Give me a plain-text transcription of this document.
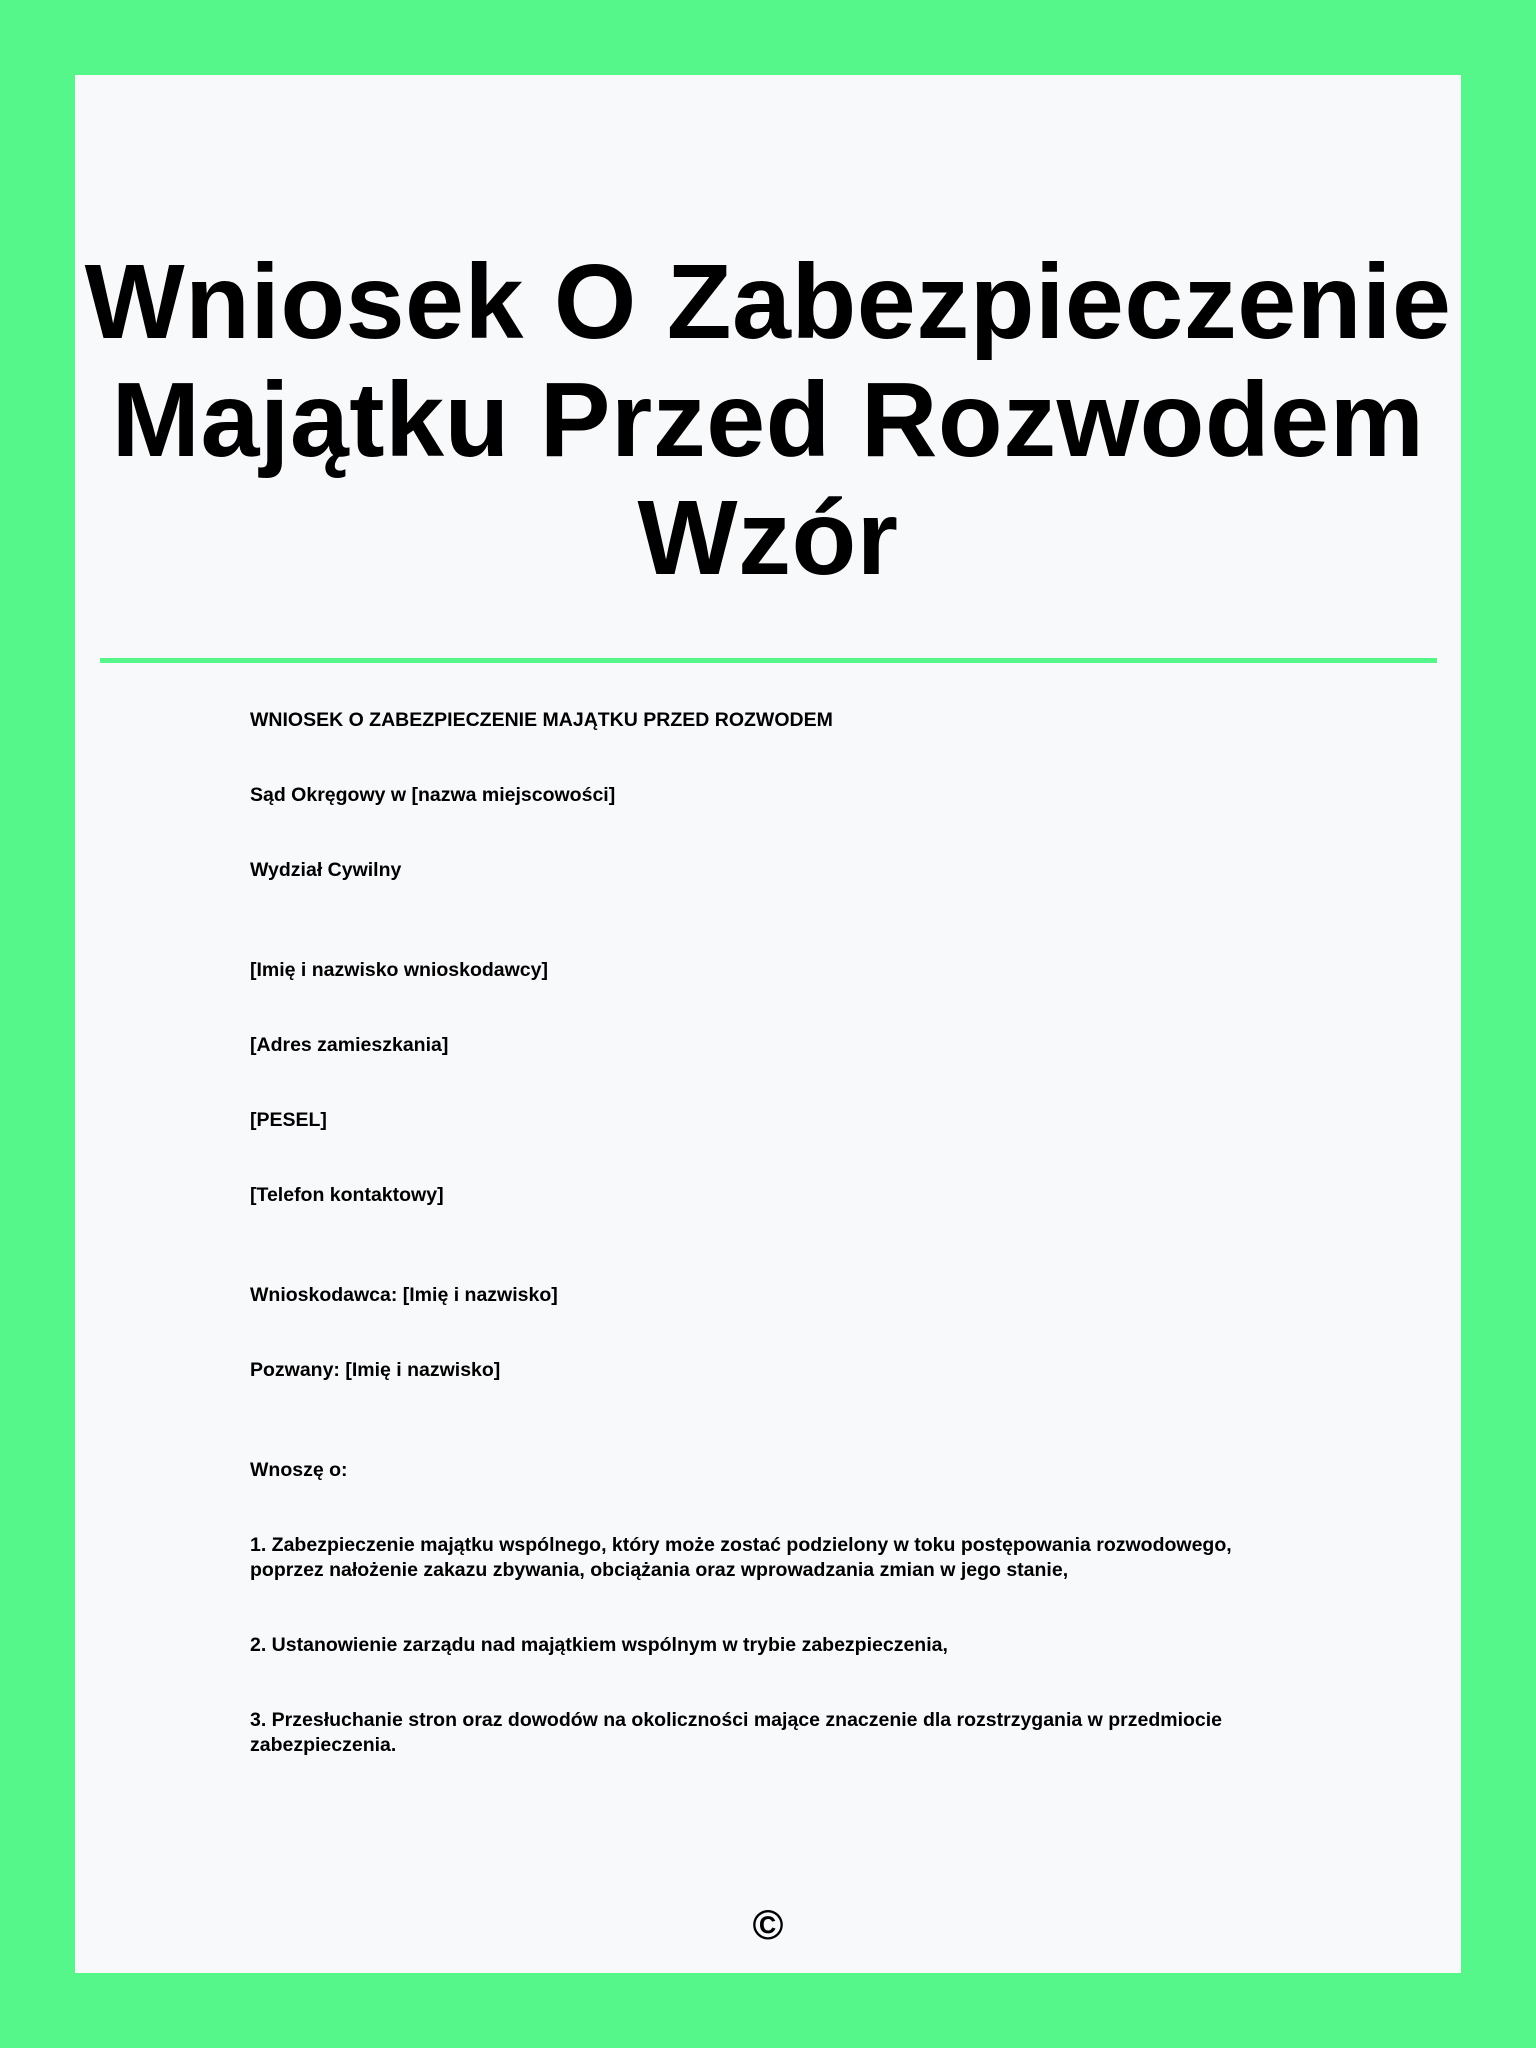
Wniosek O Zabezpieczenie
Majątku Przed Rozwodem
Wzór
WNIOSEK O ZABEZPIECZENIE MAJĄTKU PRZED ROZWODEM
Sąd Okręgowy w [nazwa miejscowości]
Wydział Cywilny
[Imię i nazwisko wnioskodawcy]
[Adres zamieszkania]
[PESEL]
[Telefon kontaktowy]
Wnioskodawca: [Imię i nazwisko]
Pozwany: [Imię i nazwisko]
Wnoszę o:
1. Zabezpieczenie majątku wspólnego, który może zostać podzielony w toku postępowania rozwodowego, poprzez nałożenie zakazu zbywania, obciążania oraz wprowadzania zmian w jego stanie,
2. Ustanowienie zarządu nad majątkiem wspólnym w trybie zabezpieczenia,
3. Przesłuchanie stron oraz dowodów na okoliczności mające znaczenie dla rozstrzygania w przedmiocie zabezpieczenia.
©
